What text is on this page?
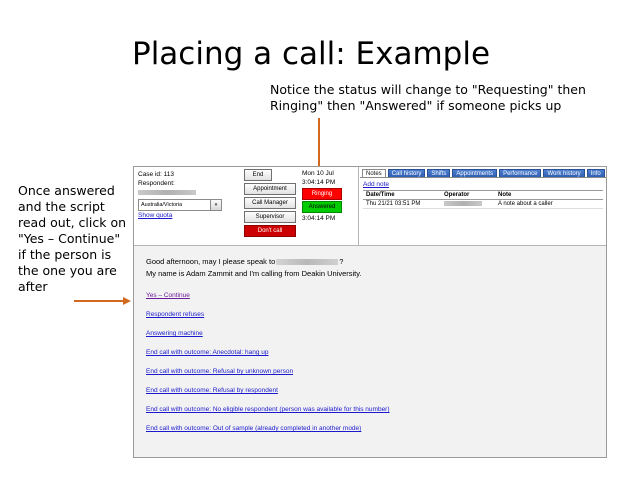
Placing a call: Example
Notice the status will change to "Requesting" then Ringing" then "Answered" if someone picks up
Once answered and the script read out, click on "Yes – Continue" if the person is the one you are after
Case id: 113
Respondent:
Australia/Victoria	▾
Show quota
End
Appointment
Call Manager
Supervisor
Don't call
Mon 10 Jul
3:04:14 PM
Ringing
Answered
3:04:14 PM
Notes	Call history	Shifts	Appointments	Performance	Work history	Info
Add note
Date/Time	Operator	Note
Thu 21/21 03:51 PM		A note about a caller

Good afternoon, may I please speak to	?

My name is Adam Zammit and I'm calling from Deakin University.

Yes – Continue
Respondent refuses
Answering machine
End call with outcome: Anecdotal: hang up
End call with outcome: Refusal by unknown person
End call with outcome: Refusal by respondent
End call with outcome: No eligible respondent (person was available for this number)
End call with outcome: Out of sample (already completed in another mode)
